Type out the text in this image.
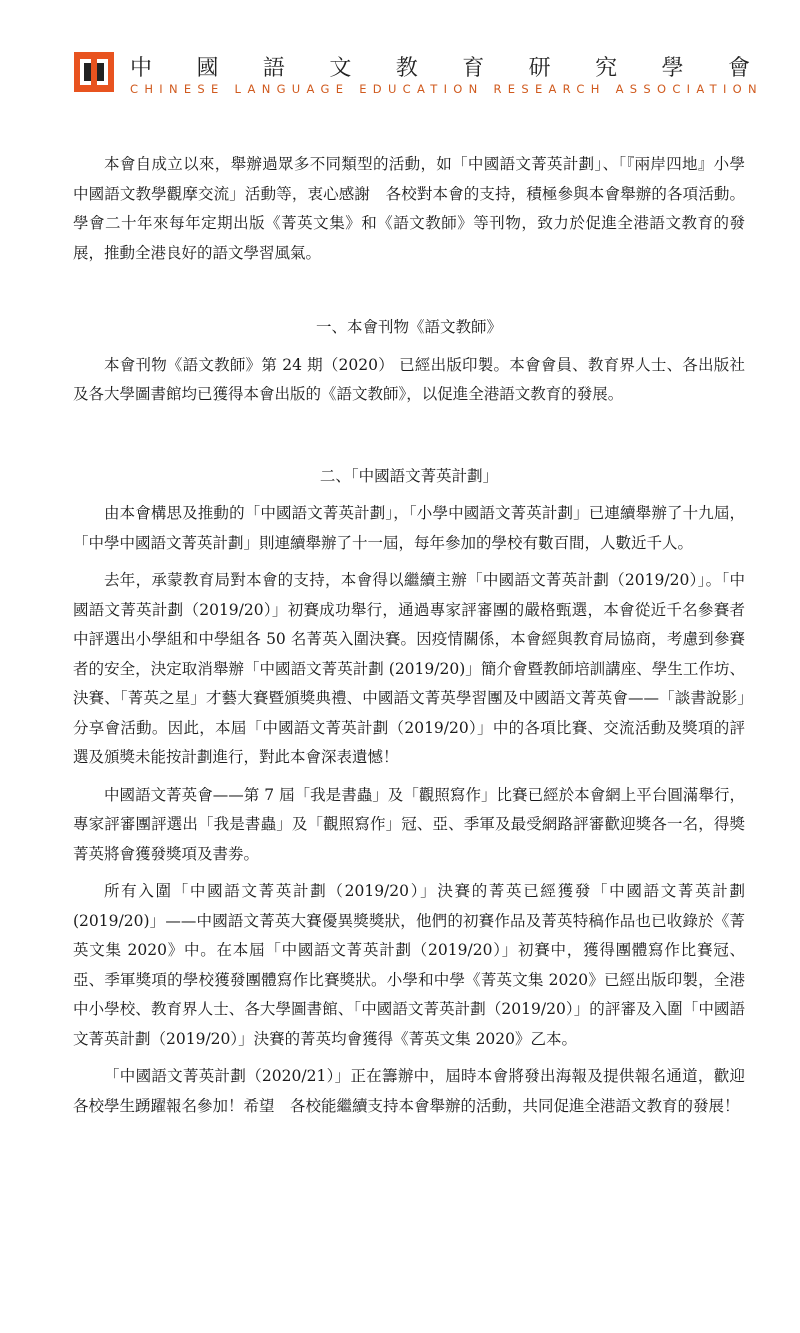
中 國 語 文 教 育 研 究 學 會
CHINESE LANGUAGE EDUCATION RESEARCH ASSOCIATION

本會自成立以來，舉辦過眾多不同類型的活動，如「中國語文菁英計劃」、「『兩岸四地』小學中國語文教學觀摩交流」活動等，衷心感謝　各校對本會的支持，積極參與本會舉辦的各項活動。學會二十年來每年定期出版《菁英文集》和《語文教師》等刊物，致力於促進全港語文教育的發展，推動全港良好的語文學習風氣。

一、本會刊物《語文教師》

本會刊物《語文教師》第 24 期（2020） 已經出版印製。本會會員、教育界人士、各出版社及各大學圖書館均已獲得本會出版的《語文教師》，以促進全港語文教育的發展。

二、「中國語文菁英計劃」

由本會構思及推動的「中國語文菁英計劃」，「小學中國語文菁英計劃」已連續舉辦了十九屆，「中學中國語文菁英計劃」則連續舉辦了十一屆，每年參加的學校有數百間，人數近千人。

去年，承蒙教育局對本會的支持，本會得以繼續主辦「中國語文菁英計劃（2019/20）」。「中國語文菁英計劃（2019/20）」初賽成功舉行，通過專家評審團的嚴格甄選，本會從近千名參賽者中評選出小學組和中學組各 50 名菁英入圍決賽。因疫情關係，本會經與教育局協商，考慮到參賽者的安全，決定取消舉辦「中國語文菁英計劃 (2019/20)」簡介會暨教師培訓講座、學生工作坊、決賽、「菁英之星」才藝大賽暨頒獎典禮、中國語文菁英學習團及中國語文菁英會——「談書說影」分享會活動。因此，本屆「中國語文菁英計劃（2019/20）」中的各項比賽、交流活動及獎項的評選及頒獎未能按計劃進行，對此本會深表遺憾！

中國語文菁英會——第 7 屆「我是書蟲」及「觀照寫作」比賽已經於本會網上平台圓滿舉行，專家評審團評選出「我是書蟲」及「觀照寫作」冠、亞、季軍及最受網路評審歡迎獎各一名，得獎菁英將會獲發獎項及書劵。

所有入圍「中國語文菁英計劃（2019/20）」決賽的菁英已經獲發「中國語文菁英計劃(2019/20)」——中國語文菁英大賽優異獎獎狀，他們的初賽作品及菁英特稿作品也已收錄於《菁英文集 2020》中。在本屆「中國語文菁英計劃（2019/20）」初賽中，獲得團體寫作比賽冠、亞、季軍獎項的學校獲發團體寫作比賽獎狀。小學和中學《菁英文集 2020》已經出版印製，全港中小學校、教育界人士、各大學圖書館、「中國語文菁英計劃（2019/20）」的評審及入圍「中國語文菁英計劃（2019/20）」決賽的菁英均會獲得《菁英文集 2020》乙本。

「中國語文菁英計劃（2020/21）」正在籌辦中，屆時本會將發出海報及提供報名通道，歡迎各校學生踴躍報名參加！希望　各校能繼續支持本會舉辦的活動，共同促進全港語文教育的發展！
